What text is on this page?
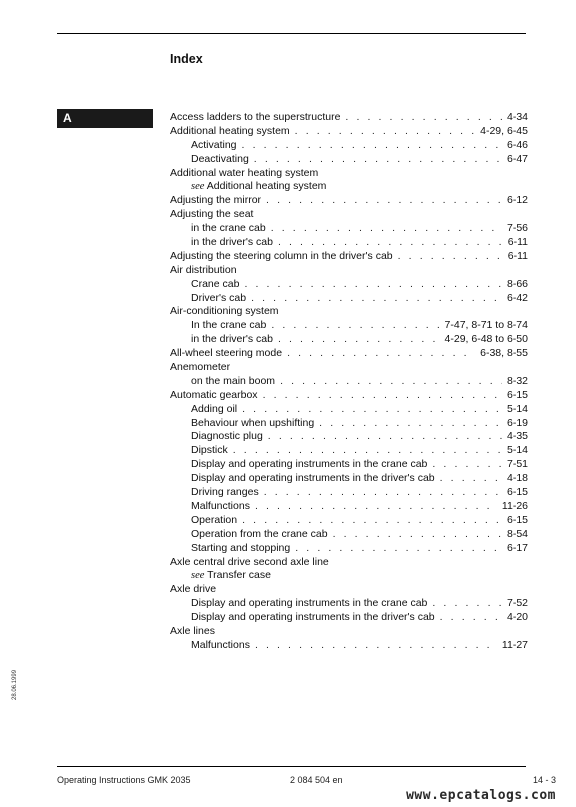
Index
A	Access ladders to the superstructure . . .	4-34
Additional heating system . . .	4-29, 6-45
Activating . . .	6-46
Deactivating . . .	6-47
Additional water heating system
see Additional heating system
Adjusting the mirror . . .	6-12
Adjusting the seat
in the crane cab . . .	7-56
in the driver's cab . . .	6-11
Adjusting the steering column in the driver's cab . . .	6-11
Air distribution
Crane cab . . .	8-66
Driver's cab . . .	6-42
Air-conditioning system
In the crane cab . . .	7-47, 8-71 to 8-74
in the driver's cab . . .	4-29, 6-48 to 6-50
All-wheel steering mode . . .	6-38, 8-55
Anemometer
on the main boom . . .	8-32
Automatic gearbox . . .	6-15
Adding oil . . .	5-14
Behaviour when upshifting . . .	6-19
Diagnostic plug . . .	4-35
Dipstick . . .	5-14
Display and operating instruments in the crane cab . . .	7-51
Display and operating instruments in the driver's cab . . .	4-18
Driving ranges . . .	6-15
Malfunctions . . .	11-26
Operation . . .	6-15
Operation from the crane cab . . .	8-54
Starting and stopping . . .	6-17
Axle central drive second axle line
see Transfer case
Axle drive
Display and operating instruments in the crane cab . . .	7-52
Display and operating instruments in the driver's cab . . .	4-20
Axle lines
Malfunctions . . .	11-27
28.06.1999
Operating Instructions GMK 2035	2 084 504 en	14 - 3
www.epcatalogs.com
